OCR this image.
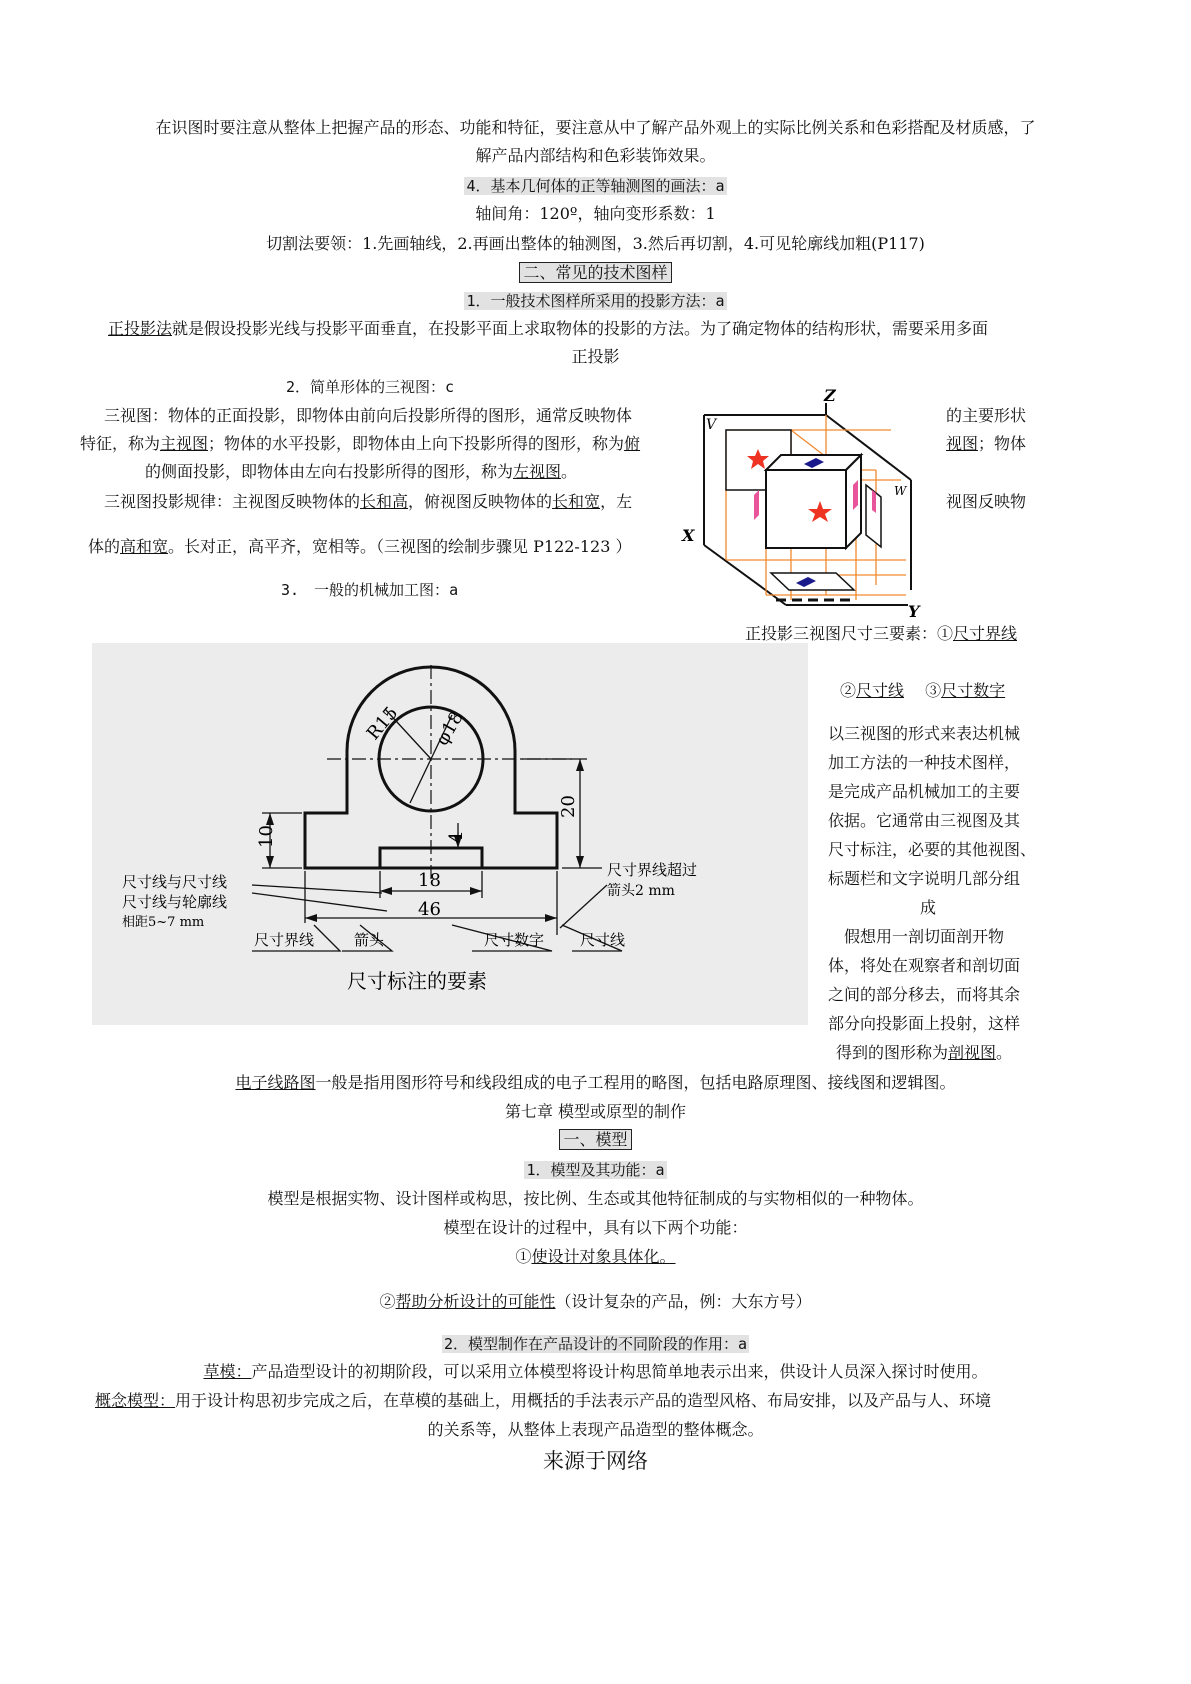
在识图时要注意从整体上把握产品的形态、功能和特征，要注意从中了解产品外观上的实际比例关系和色彩搭配及材质感，了
解产品内部结构和色彩装饰效果。
4．基本几何体的正等轴测图的画法：a
轴间角：120º，轴向变形系数：1
切割法要领：1.先画轴线，2.再画出整体的轴测图，3.然后再切割，4.可见轮廓线加粗(P117)
二、常见的技术图样
1．一般技术图样所采用的投影方法：a
正投影法就是假设投影光线与投影平面垂直，在投影平面上求取物体的投影的方法。为了确定物体的结构形状，需要采用多面
正投影
2．简单形体的三视图：c
三视图：物体的正面投影，即物体由前向后投影所得的图形，通常反映物体	的主要形状
特征，称为主视图；物体的水平投影，即物体由上向下投影所得的图形，称为俯	视图；物体
的侧面投影，即物体由左向右投影所得的图形，称为左视图。
三视图投影规律：主视图反映物体的长和高，俯视图反映物体的长和宽，左	视图反映物
体的高和宽。长对正，高平齐，宽相等。（三视图的绘制步骤见 P122-123 ）
3.　一般的机械加工图：a
Z
V
W
X
Y
正投影三视图尺寸三要素：①尺寸界线
②尺寸线　 ③尺寸数字
R15 φ18
20
10	4
18
46
尺寸线与尺寸线
尺寸线与轮廓线
相距5~7 mm
尺寸界线超过
箭头2 mm
尺寸界线	箭头	尺寸数字 尺寸线
尺寸标注的要素
以三视图的形式来表达机械
加工方法的一种技术图样，
是完成产品机械加工的主要
依据。它通常由三视图及其
尺寸标注，必要的其他视图、
标题栏和文字说明几部分组
成
　假想用一剖切面剖开物
体，将处在观察者和剖切面
之间的部分移去，而将其余
部分向投影面上投射，这样
得到的图形称为剖视图。
电子线路图一般是指用图形符号和线段组成的电子工程用的略图，包括电路原理图、接线图和逻辑图。
第七章 模型或原型的制作
一、模型
1．模型及其功能：a
模型是根据实物、设计图样或构思，按比例、生态或其他特征制成的与实物相似的一种物体。
模型在设计的过程中，具有以下两个功能：
①使设计对象具体化。
②帮助分析设计的可能性（设计复杂的产品，例：大东方号）
2．模型制作在产品设计的不同阶段的作用：a
草模：产品造型设计的初期阶段，可以采用立体模型将设计构思简单地表示出来，供设计人员深入探讨时使用。
概念模型：用于设计构思初步完成之后，在草模的基础上，用概括的手法表示产品的造型风格、布局安排，以及产品与人、环境
的关系等，从整体上表现产品造型的整体概念。
来源于网络
